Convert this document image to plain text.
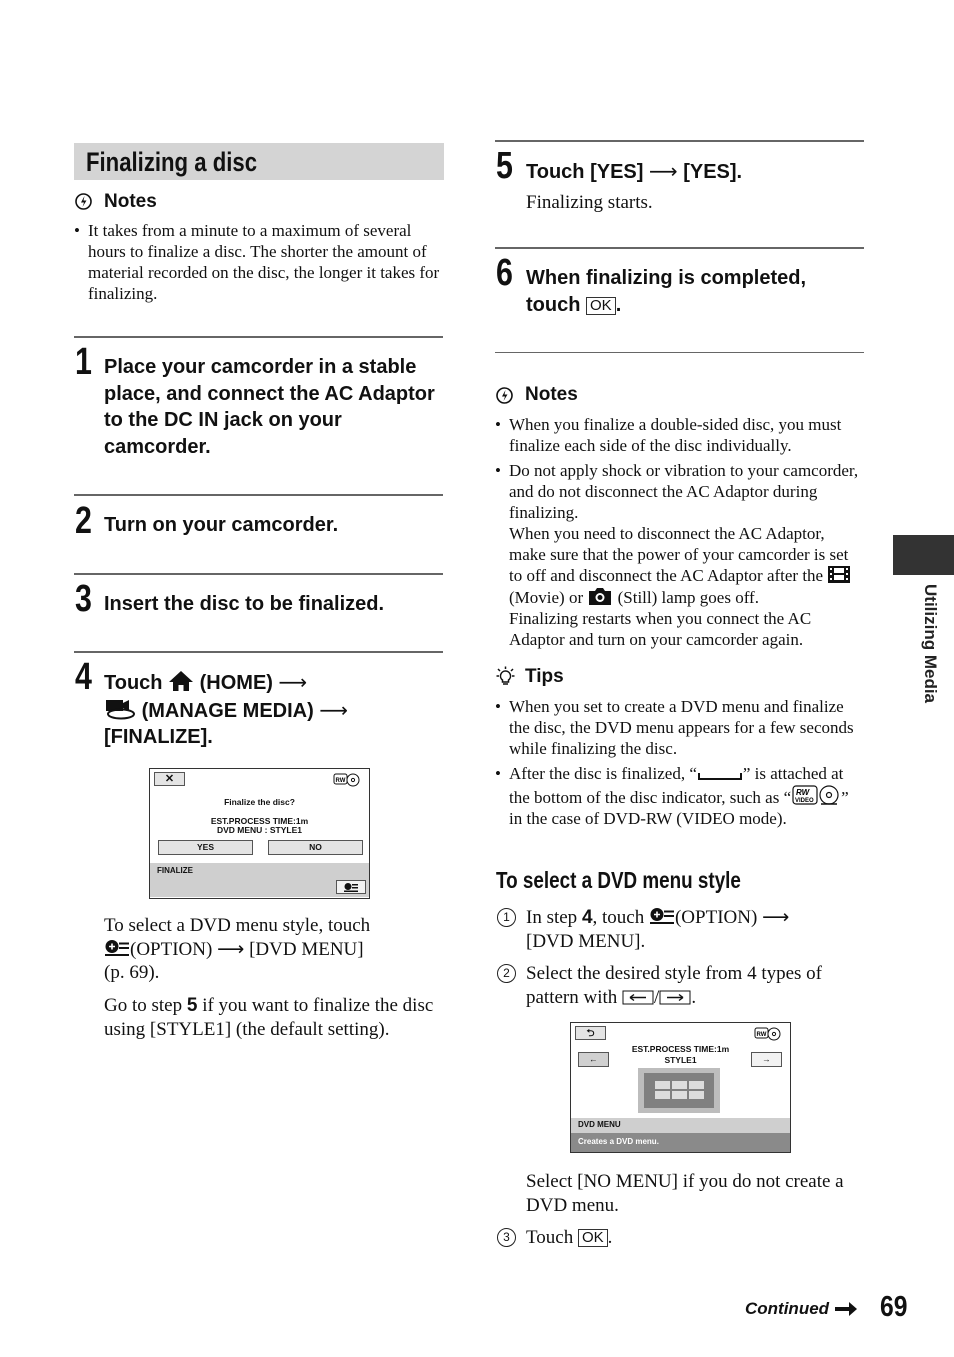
Finalizing a disc
Notes
• It takes from a minute to a maximum of several hours to finalize a disc. The shorter the amount of material recorded on the disc, the longer it takes for finalizing.
1 Place your camcorder in a stable place, and connect the AC Adaptor to the DC IN jack on your camcorder.
2 Turn on your camcorder.
3 Insert the disc to be finalized.
4 Touch (HOME) ⟶
(MANAGE MEDIA) ⟶
[FINALIZE].
✕	RW
Finalize the disc?
EST.PROCESS TIME:1m
DVD MENU : STYLE1
YES	NO
FINALIZE
To select a DVD menu style, touch
(OPTION) ⟶ [DVD MENU]
(p. 69).
Go to step 5 if you want to finalize the disc using [STYLE1] (the default setting).
5 Touch [YES] ⟶ [YES].
Finalizing starts.
6 When finalizing is completed,
touch OK .
Notes
• When you finalize a double-sided disc, you must finalize each side of the disc individually.
• Do not apply shock or vibration to your camcorder, and do not disconnect the AC Adaptor during finalizing.
When you need to disconnect the AC Adaptor, make sure that the power of your camcorder is set to off and disconnect the AC Adaptor after the  (Movie) or (Still) lamp goes off.
Finalizing restarts when you connect the AC Adaptor and turn on your camcorder again.
Tips
• When you set to create a DVD menu and finalize the disc, the DVD menu appears for a few seconds while finalizing the disc.
• After the disc is finalized, “	” is attached at the bottom of the disc indicator, such as “ RW
VIDEO ” in the case of DVD-RW (VIDEO mode).
To select a DVD menu style
1 In step 4, touch (OPTION) ⟶
[DVD MENU].
2 Select the desired style from 4 types of pattern with / .
⮌	RW
EST.PROCESS TIME:1m
STYLE1
←	→
DVD MENU
Creates a DVD menu.
Select [NO MENU] if you do not create a DVD menu.
3 Touch OK .
Utilizing Media
Continued	69
